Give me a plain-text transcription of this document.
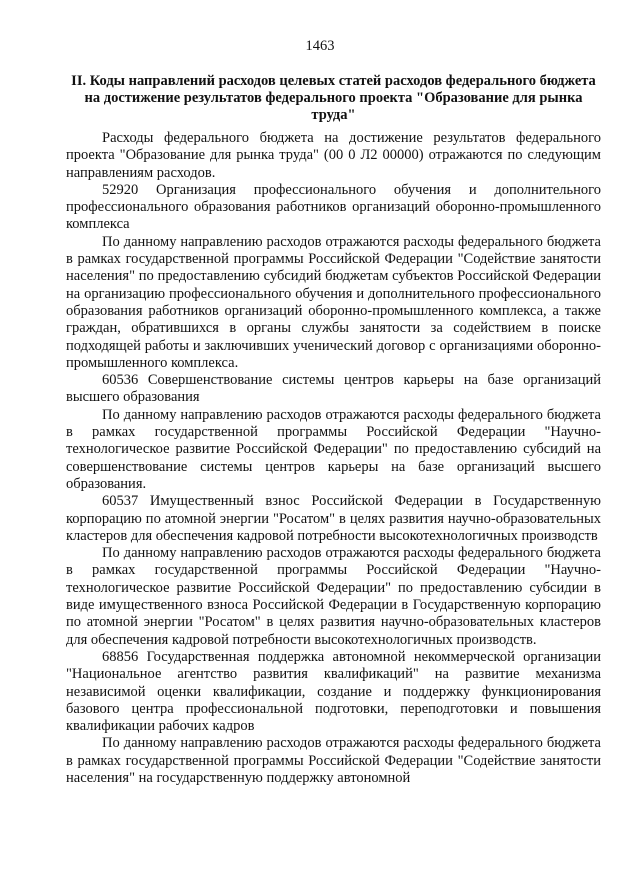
1463
II. Коды направлений расходов целевых статей расходов федерального бюджета на достижение результатов федерального проекта "Образование для рынка труда"

Расходы федерального бюджета на достижение результатов федерального проекта "Образование для рынка труда" (00 0 Л2 00000) отражаются по следующим направлениям расходов.

52920 Организация профессионального обучения и дополнительного профессионального образования работников организаций оборонно-промышленного комплекса

По данному направлению расходов отражаются расходы федерального бюджета в рамках государственной программы Российской Федерации "Содействие занятости населения" по предоставлению субсидий бюджетам субъектов Российской Федерации на организацию профессионального обучения и дополнительного профессионального образования работников организаций оборонно-промышленного комплекса, а также граждан, обратившихся в органы службы занятости за содействием в поиске подходящей работы и заключивших ученический договор с организациями оборонно-промышленного комплекса.

60536 Совершенствование системы центров карьеры на базе организаций высшего образования

По данному направлению расходов отражаются расходы федерального бюджета в рамках государственной программы Российской Федерации "Научно-технологическое развитие Российской Федерации" по предоставлению субсидий на совершенствование системы центров карьеры на базе организаций высшего образования.

60537 Имущественный взнос Российской Федерации в Государственную корпорацию по атомной энергии "Росатом" в целях развития научно-образовательных кластеров для обеспечения кадровой потребности высокотехнологичных производств

По данному направлению расходов отражаются расходы федерального бюджета в рамках государственной программы Российской Федерации "Научно-технологическое развитие Российской Федерации" по предоставлению субсидии в виде имущественного взноса Российской Федерации в Государственную корпорацию по атомной энергии "Росатом" в целях развития научно-образовательных кластеров для обеспечения кадровой потребности высокотехнологичных производств.

68856 Государственная поддержка автономной некоммерческой организации "Национальное агентство развития квалификаций" на развитие механизма независимой оценки квалификации, создание и поддержку функционирования базового центра профессиональной подготовки, переподготовки и повышения квалификации рабочих кадров

По данному направлению расходов отражаются расходы федерального бюджета в рамках государственной программы Российской Федерации "Содействие занятости населения" на государственную поддержку автономной
